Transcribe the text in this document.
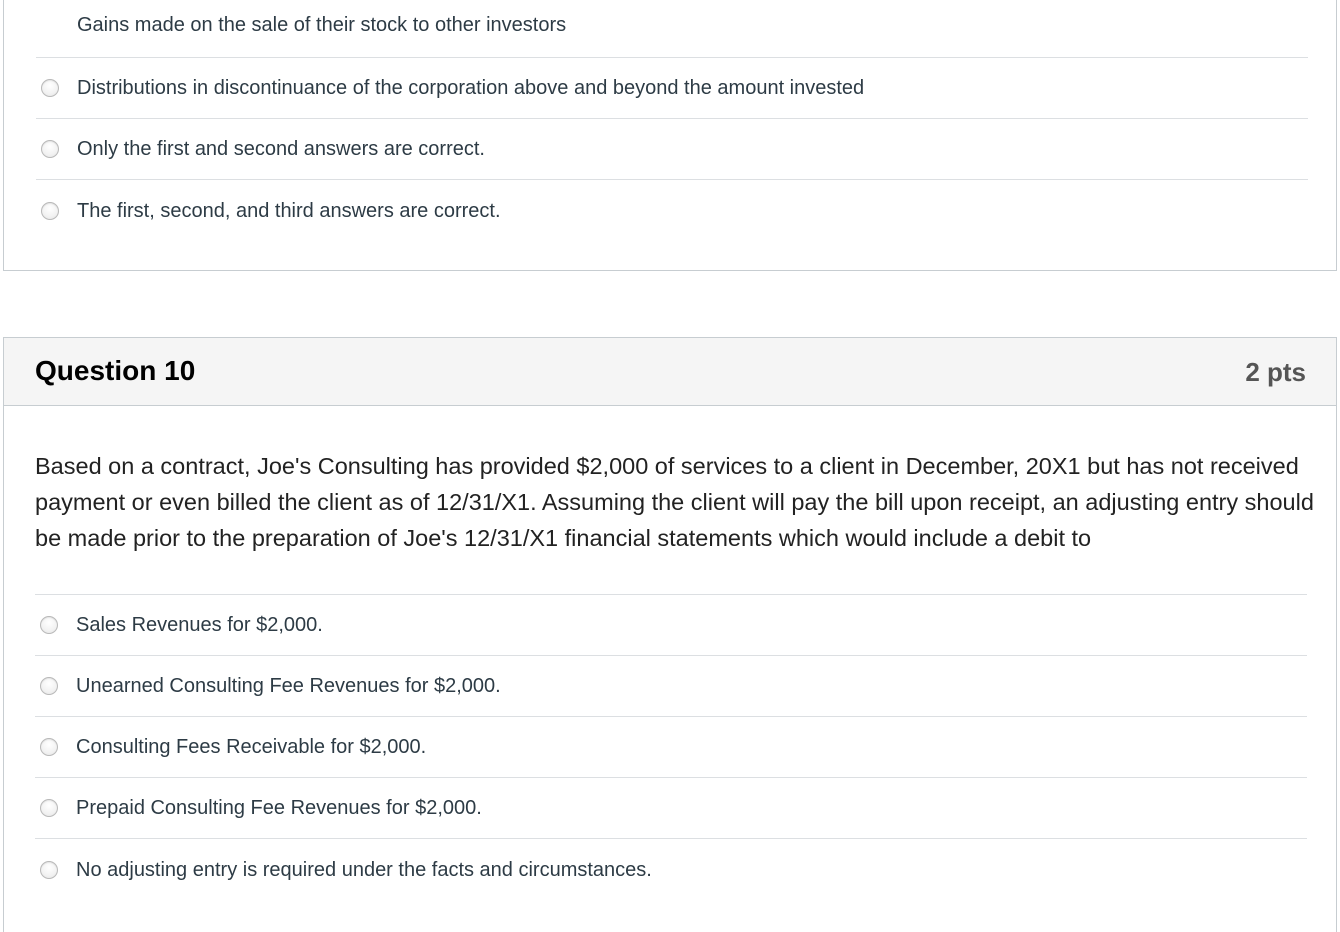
Gains made on the sale of their stock to other investors
Distributions in discontinuance of the corporation above and beyond the amount invested
Only the first and second answers are correct.
The first, second, and third answers are correct.
Question 10	2 pts
Based on a contract, Joe's Consulting has provided $2,000 of services to a client in December, 20X1 but has not received payment or even billed the client as of 12/31/X1. Assuming the client will pay the bill upon receipt, an adjusting entry should be made prior to the preparation of Joe's 12/31/X1 financial statements which would include a debit to
Sales Revenues for $2,000.
Unearned Consulting Fee Revenues for $2,000.
Consulting Fees Receivable for $2,000.
Prepaid Consulting Fee Revenues for $2,000.
No adjusting entry is required under the facts and circumstances.
